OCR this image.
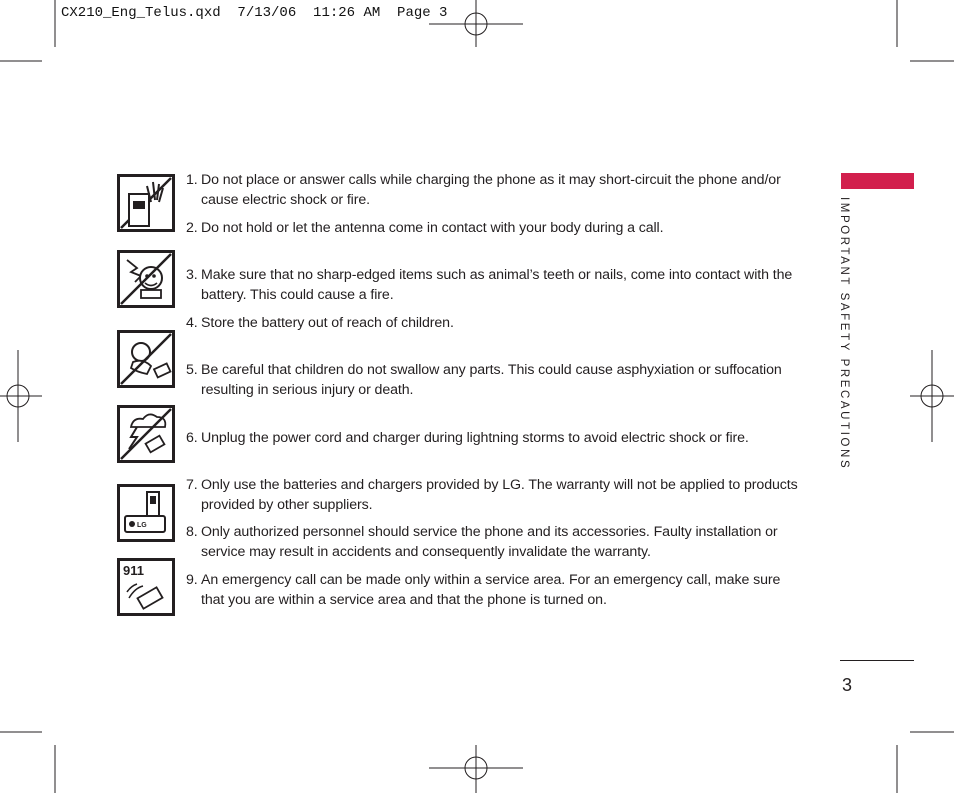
CX210_Eng_Telus.qxd  7/13/06  11:26 AM  Page 3
LG
911
1. Do not place or answer calls while charging the phone as it may short-circuit the phone and/or cause electric shock or fire.
2. Do not hold or let the antenna come in contact with your body during a call.
3. Make sure that no sharp-edged items such as animal’s teeth or nails, come into contact with the battery. This could cause a fire.
4. Store the battery out of reach of children.
5. Be careful that children do not swallow any parts. This could cause asphyxiation or suffocation resulting in serious injury or death.
6. Unplug the power cord and charger during lightning storms to avoid electric shock or fire.
7. Only use the batteries and chargers provided by LG. The warranty will not be applied to products provided by other suppliers.
8. Only authorized personnel should service the phone and its accessories. Faulty installation or service may result in accidents and consequently invalidate the warranty.
9. An emergency call can be made only within a service area. For an emergency call, make sure that you are within a service area and that the phone is turned on.
IMPORTANT SAFETY PRECAUTIONS
3
